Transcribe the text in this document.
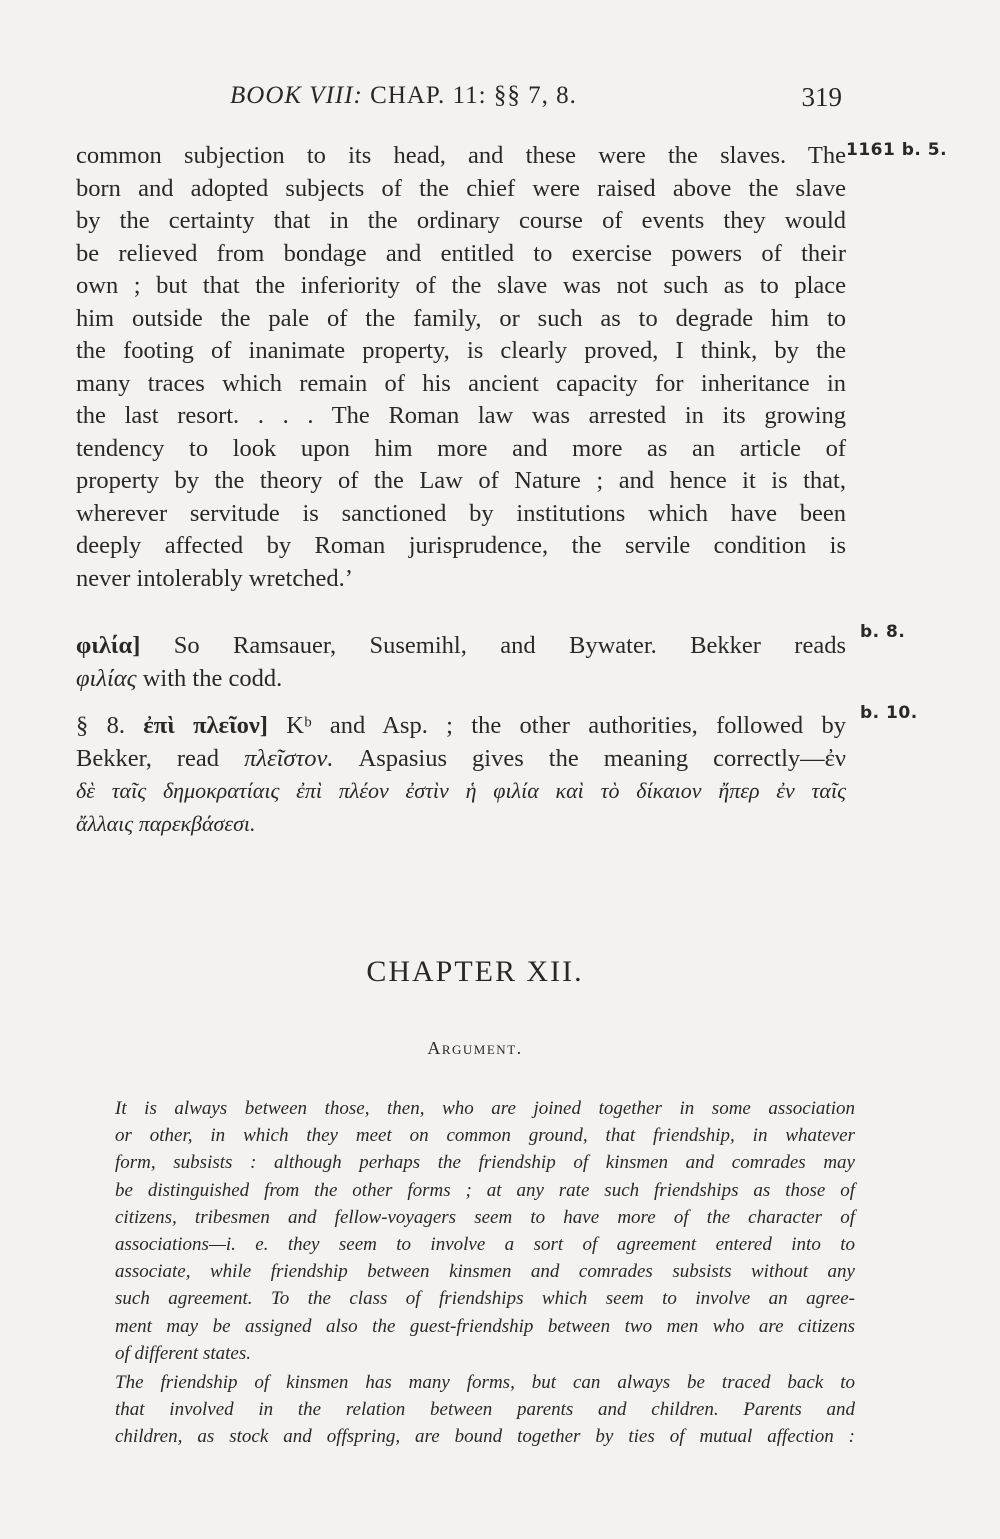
BOOK VIII: CHAP. 11: §§ 7, 8.	319
1161 b. 5.
common subjection to its head, and these were the slaves. The
born and adopted subjects of the chief were raised above the slave
by the certainty that in the ordinary course of events they would
be relieved from bondage and entitled to exercise powers of their
own ; but that the inferiority of the slave was not such as to place
him outside the pale of the family, or such as to degrade him to
the footing of inanimate property, is clearly proved, I think, by the
many traces which remain of his ancient capacity for inheritance in
the last resort. . . . The Roman law was arrested in its growing
tendency to look upon him more and more as an article of
property by the theory of the Law of Nature ; and hence it is that,
wherever servitude is sanctioned by institutions which have been
deeply affected by Roman jurisprudence, the servile condition is
never intolerably wretched.’
b. 8.
φιλία] So Ramsauer, Susemihl, and Bywater. Bekker reads
φιλίας with the codd.
b. 10.
§ 8. ἐπὶ πλεῖον] Kᵇ and Asp. ; the other authorities, followed by
Bekker, read πλεῖστον. Aspasius gives the meaning correctly—ἐν
δὲ ταῖς δημοκρατίαις ἐπὶ πλέον ἐστὶν ἡ φιλία καὶ τὸ δίκαιον ἤπερ ἐν ταῖς
ἄλλαις παρεκβάσεσι.
CHAPTER XII.
Argument.
It is always between those, then, who are joined together in some association
or other, in which they meet on common ground, that friendship, in whatever
form, subsists : although perhaps the friendship of kinsmen and comrades may
be distinguished from the other forms ; at any rate such friendships as those of
citizens, tribesmen and fellow-voyagers seem to have more of the character of
associations—i. e. they seem to involve a sort of agreement entered into to
associate, while friendship between kinsmen and comrades subsists without any
such agreement. To the class of friendships which seem to involve an agree-
ment may be assigned also the guest-friendship between two men who are citizens
of different states.
The friendship of kinsmen has many forms, but can always be traced back to
that involved in the relation between parents and children. Parents and
children, as stock and offspring, are bound together by ties of mutual affection :
